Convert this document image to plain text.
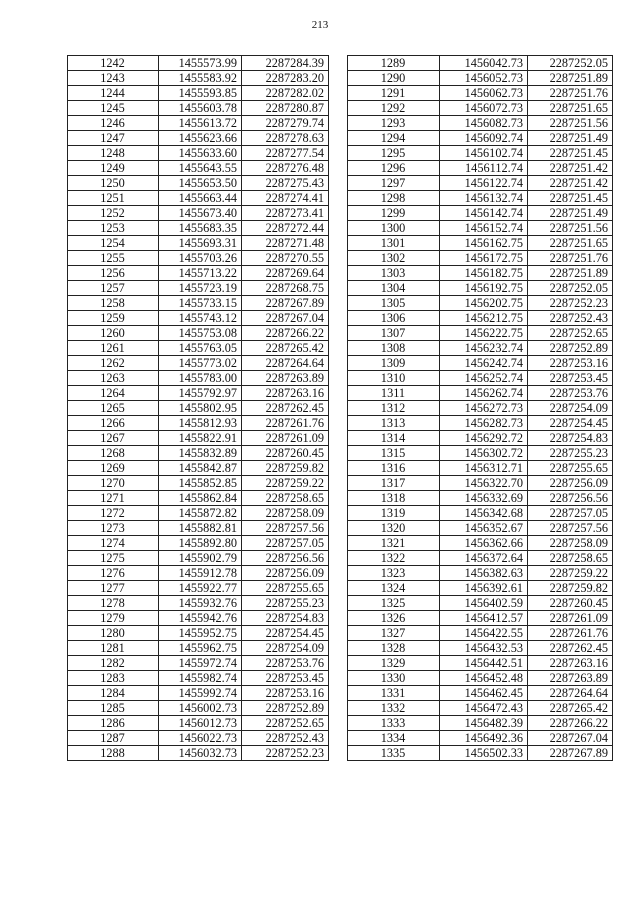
213
1242	1455573.99	2287284.39
1243	1455583.92	2287283.20
1244	1455593.85	2287282.02
1245	1455603.78	2287280.87
1246	1455613.72	2287279.74
1247	1455623.66	2287278.63
1248	1455633.60	2287277.54
1249	1455643.55	2287276.48
1250	1455653.50	2287275.43
1251	1455663.44	2287274.41
1252	1455673.40	2287273.41
1253	1455683.35	2287272.44
1254	1455693.31	2287271.48
1255	1455703.26	2287270.55
1256	1455713.22	2287269.64
1257	1455723.19	2287268.75
1258	1455733.15	2287267.89
1259	1455743.12	2287267.04
1260	1455753.08	2287266.22
1261	1455763.05	2287265.42
1262	1455773.02	2287264.64
1263	1455783.00	2287263.89
1264	1455792.97	2287263.16
1265	1455802.95	2287262.45
1266	1455812.93	2287261.76
1267	1455822.91	2287261.09
1268	1455832.89	2287260.45
1269	1455842.87	2287259.82
1270	1455852.85	2287259.22
1271	1455862.84	2287258.65
1272	1455872.82	2287258.09
1273	1455882.81	2287257.56
1274	1455892.80	2287257.05
1275	1455902.79	2287256.56
1276	1455912.78	2287256.09
1277	1455922.77	2287255.65
1278	1455932.76	2287255.23
1279	1455942.76	2287254.83
1280	1455952.75	2287254.45
1281	1455962.75	2287254.09
1282	1455972.74	2287253.76
1283	1455982.74	2287253.45
1284	1455992.74	2287253.16
1285	1456002.73	2287252.89
1286	1456012.73	2287252.65
1287	1456022.73	2287252.43
1288	1456032.73	2287252.23
1289	1456042.73	2287252.05
1290	1456052.73	2287251.89
1291	1456062.73	2287251.76
1292	1456072.73	2287251.65
1293	1456082.73	2287251.56
1294	1456092.74	2287251.49
1295	1456102.74	2287251.45
1296	1456112.74	2287251.42
1297	1456122.74	2287251.42
1298	1456132.74	2287251.45
1299	1456142.74	2287251.49
1300	1456152.74	2287251.56
1301	1456162.75	2287251.65
1302	1456172.75	2287251.76
1303	1456182.75	2287251.89
1304	1456192.75	2287252.05
1305	1456202.75	2287252.23
1306	1456212.75	2287252.43
1307	1456222.75	2287252.65
1308	1456232.74	2287252.89
1309	1456242.74	2287253.16
1310	1456252.74	2287253.45
1311	1456262.74	2287253.76
1312	1456272.73	2287254.09
1313	1456282.73	2287254.45
1314	1456292.72	2287254.83
1315	1456302.72	2287255.23
1316	1456312.71	2287255.65
1317	1456322.70	2287256.09
1318	1456332.69	2287256.56
1319	1456342.68	2287257.05
1320	1456352.67	2287257.56
1321	1456362.66	2287258.09
1322	1456372.64	2287258.65
1323	1456382.63	2287259.22
1324	1456392.61	2287259.82
1325	1456402.59	2287260.45
1326	1456412.57	2287261.09
1327	1456422.55	2287261.76
1328	1456432.53	2287262.45
1329	1456442.51	2287263.16
1330	1456452.48	2287263.89
1331	1456462.45	2287264.64
1332	1456472.43	2287265.42
1333	1456482.39	2287266.22
1334	1456492.36	2287267.04
1335	1456502.33	2287267.89
